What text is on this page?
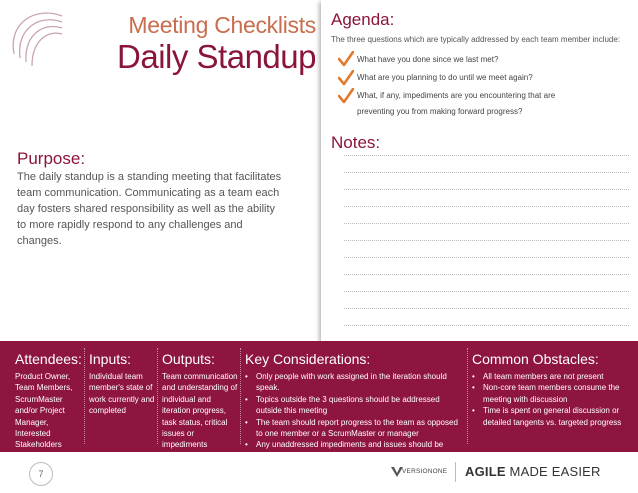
Meeting Checklists
Daily Standup
Purpose:
The daily standup is a standing meeting that facilitates team communication. Communicating as a team each day fosters shared responsibility as well as the ability to more rapidly respond to any challenges and changes.
Agenda:
The three questions which are typically addressed by each team member include:
What have you done since we last met?
What are you planning to do until we meet again?
What, if any, impediments are you encountering that are preventing you from making forward progress?
Notes:
Attendees:
Product Owner, Team Members, ScrumMaster and/or Project Manager, Interested Stakeholders
Inputs:
Individual team member's state of work currently and completed
Outputs:
Team communication and understanding of individual and iteration progress, task status, critical issues or impediments
Key Considerations:
• Only people with work assigned in the iteration should speak.
• Topics outside the 3 questions should be addressed outside this meeting
• The team should report progress to the team as opposed to one member or a ScrumMaster or manager
• Any unaddressed impediments and issues should be noted
Common Obstacles:
• All team members are not present
• Non-core team members consume the meeting with discussion
• Time is spent on general discussion or detailed tangents vs. targeted progress
7	VERSIONONE AGILE MADE EASIER
